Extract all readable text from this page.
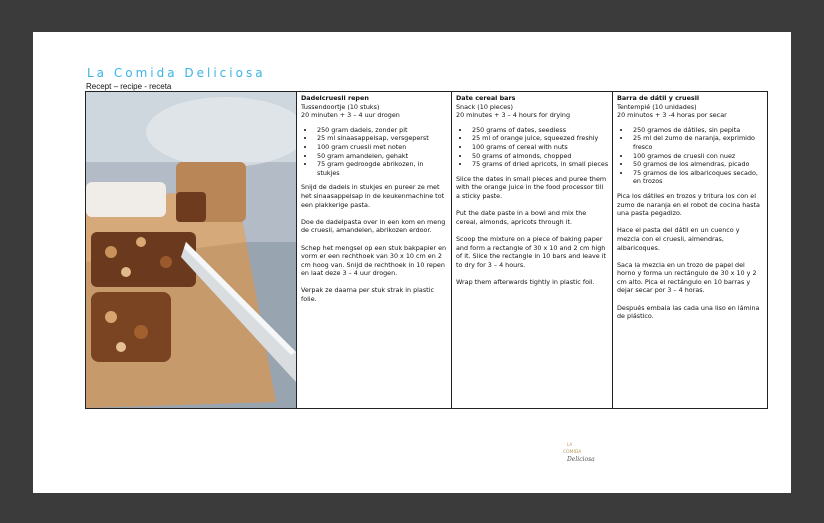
La Comida Deliciosa
Recept – recipe - receta
Dadelcruesli repen
Tussendoortje (10 stuks)
20 minuten + 3 – 4 uur drogen
• 250 gram dadels, zonder pit
• 25 ml sinaasappelsap, versgeperst
• 100 gram cruesli met noten
• 50 gram amandelen, gehakt
• 75 gram gedroogde abrikozen, in stukjes

Snijd de dadels in stukjes en pureer ze met het sinaasappelsap in de keukenmachine tot een plakkerige pasta.

Doe de dadelpasta over in een kom en meng de cruesli, amandelen, abrikozen erdoor.

Schep het mengsel op een stuk bakpapier en vorm er een rechthoek van 30 x 10 cm en 2 cm hoog van. Snijd de rechthoek in 10 repen en laat deze 3 – 4 uur drogen.

Verpak ze daarna per stuk strak in plastic folie.

Date cereal bars
Snack (10 pieces)
20 minutes + 3 – 4 hours for drying
• 250 grams of dates, seedless
• 25 ml of orange juice, squeezed freshly
• 100 grams of cereal with nuts
• 50 grams of almonds, chopped
• 75 grams of dried apricots, in small pieces

Slice the dates in small pieces and puree them with the orange juice in the food processor till a sticky paste.

Put the date paste in a bowl and mix the cereal, almonds, apricots through it.

Scoop the mixture on a piece of baking paper and form a rectangle of 30 x 10 and 2 cm high of it. Slice the rectangle in 10 bars and leave it to dry for 3 – 4 hours.

Wrap them afterwards tightly in plastic foil.

Barra de dátil y cruesli
Tentempié (10 unidades)
20 minutos + 3 -4 horas por secar
• 250 gramos de dátiles, sin pepita
• 25 ml del zumo de naranja, exprimido fresco
• 100 gramos de cruesli con nuez
• 50 gramos de los almendras, picado
• 75 gramos de los albaricoques secado, en trozos

Pica los dátiles en trozos y tritura los con el zumo de naranja en el robot de cocina hasta una pasta pegadizo.

Hace el pasta del dátil en un cuenco y mezcla con el cruesli, almendras, albaricoques.

Saca la mezcla en un trozo de papel del horno y forma un rectángulo de 30 x 10 y 2 cm alto. Pica el rectángulo en 10 barras y dejar secar por 3 – 4 horas.

Después embala las cada una liso en lámina de plástico.

LA
COMIDA
Deliciosa
